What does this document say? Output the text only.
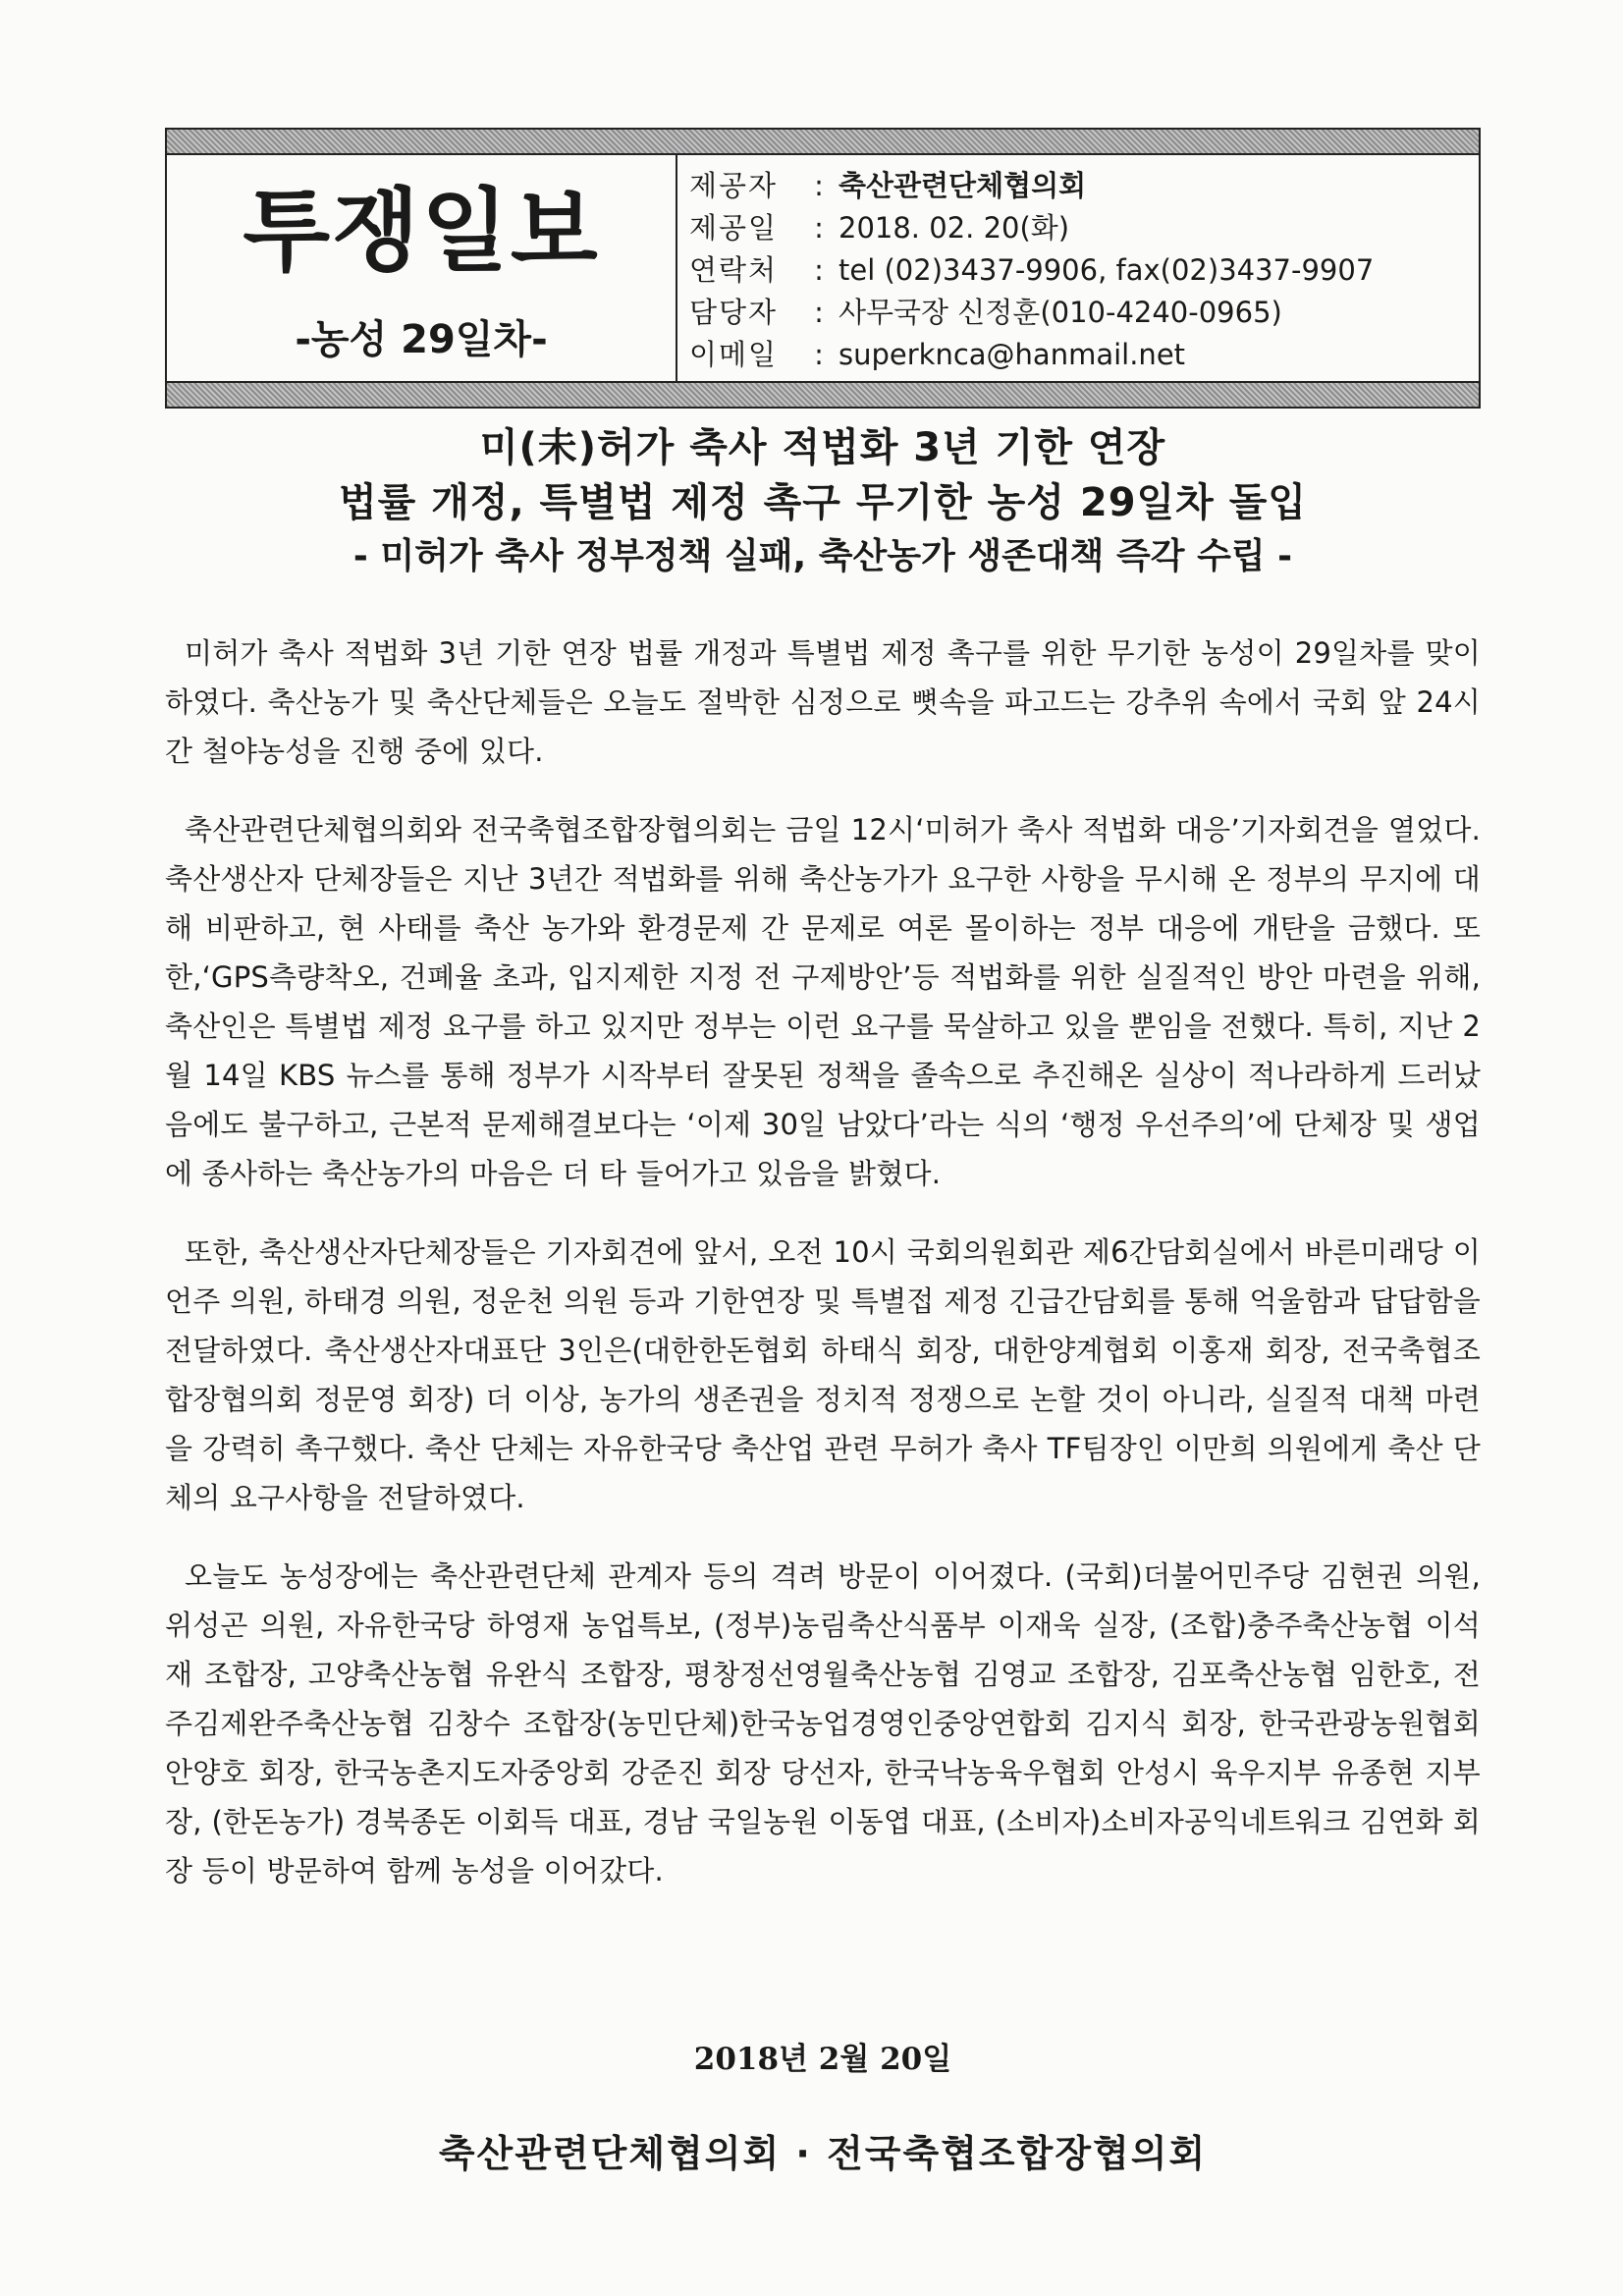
투쟁일보
-농성 29일차-
제공자	: 축산관련단체협의회
제공일	: 2018. 02. 20(화)
연락처	: tel (02)3437-9906, fax(02)3437-9907
담당자	: 사무국장 신정훈(010-4240-0965)
이메일	: superknca@hanmail.net
미(未)허가 축사 적법화 3년 기한 연장
법률 개정, 특별법 제정 촉구 무기한 농성 29일차 돌입
- 미허가 축사 정부정책 실패, 축산농가 생존대책 즉각 수립 -

미허가 축사 적법화 3년 기한 연장 법률 개정과 특별법 제정 촉구를 위한 무기한 농성이 29일차를 맞이하였다. 축산농가 및 축산단체들은 오늘도 절박한 심정으로 뼛속을 파고드는 강추위 속에서 국회 앞 24시간 철야농성을 진행 중에 있다.

축산관련단체협의회와 전국축협조합장협의회는 금일 12시‘미허가 축사 적법화 대응’기자회견을 열었다. 축산생산자 단체장들은 지난 3년간 적법화를 위해 축산농가가 요구한 사항을 무시해 온 정부의 무지에 대해 비판하고, 현 사태를 축산 농가와 환경문제 간 문제로 여론 몰이하는 정부 대응에 개탄을 금했다. 또한,‘GPS측량착오, 건폐율 초과, 입지제한 지정 전 구제방안’등 적법화를 위한 실질적인 방안 마련을 위해, 축산인은 특별법 제정 요구를 하고 있지만 정부는 이런 요구를 묵살하고 있을 뿐임을 전했다. 특히, 지난 2월 14일 KBS 뉴스를 통해 정부가 시작부터 잘못된 정책을 졸속으로 추진해온 실상이 적나라하게 드러났음에도 불구하고, 근본적 문제해결보다는 ‘이제 30일 남았다’라는 식의 ‘행정 우선주의’에 단체장 및 생업에 종사하는 축산농가의 마음은 더 타 들어가고 있음을 밝혔다.

또한, 축산생산자단체장들은 기자회견에 앞서, 오전 10시 국회의원회관 제6간담회실에서 바른미래당 이언주 의원, 하태경 의원, 정운천 의원 등과 기한연장 및 특별접 제정 긴급간담회를 통해 억울함과 답답함을 전달하였다. 축산생산자대표단 3인은(대한한돈협회 하태식 회장, 대한양계협회 이홍재 회장, 전국축협조합장협의회 정문영 회장) 더 이상, 농가의 생존권을 정치적 정쟁으로 논할 것이 아니라, 실질적 대책 마련을 강력히 촉구했다. 축산 단체는 자유한국당 축산업 관련 무허가 축사 TF팀장인 이만희 의원에게 축산 단체의 요구사항을 전달하였다.

오늘도 농성장에는 축산관련단체 관계자 등의 격려 방문이 이어졌다. (국회)더불어민주당 김현권 의원, 위성곤 의원, 자유한국당 하영재 농업특보, (정부)농림축산식품부 이재욱 실장, (조합)충주축산농협 이석재 조합장, 고양축산농협 유완식 조합장, 평창정선영월축산농협 김영교 조합장, 김포축산농협 임한호, 전주김제완주축산농협 김창수 조합장(농민단체)한국농업경영인중앙연합회 김지식 회장, 한국관광농원협회 안양호 회장, 한국농촌지도자중앙회 강준진 회장 당선자, 한국낙농육우협회 안성시 육우지부 유종현 지부장, (한돈농가) 경북종돈 이회득 대표, 경남 국일농원 이동엽 대표, (소비자)소비자공익네트워크 김연화 회장 등이 방문하여 함께 농성을 이어갔다.

2018년 2월 20일
축산관련단체협의회 · 전국축협조합장협의회
